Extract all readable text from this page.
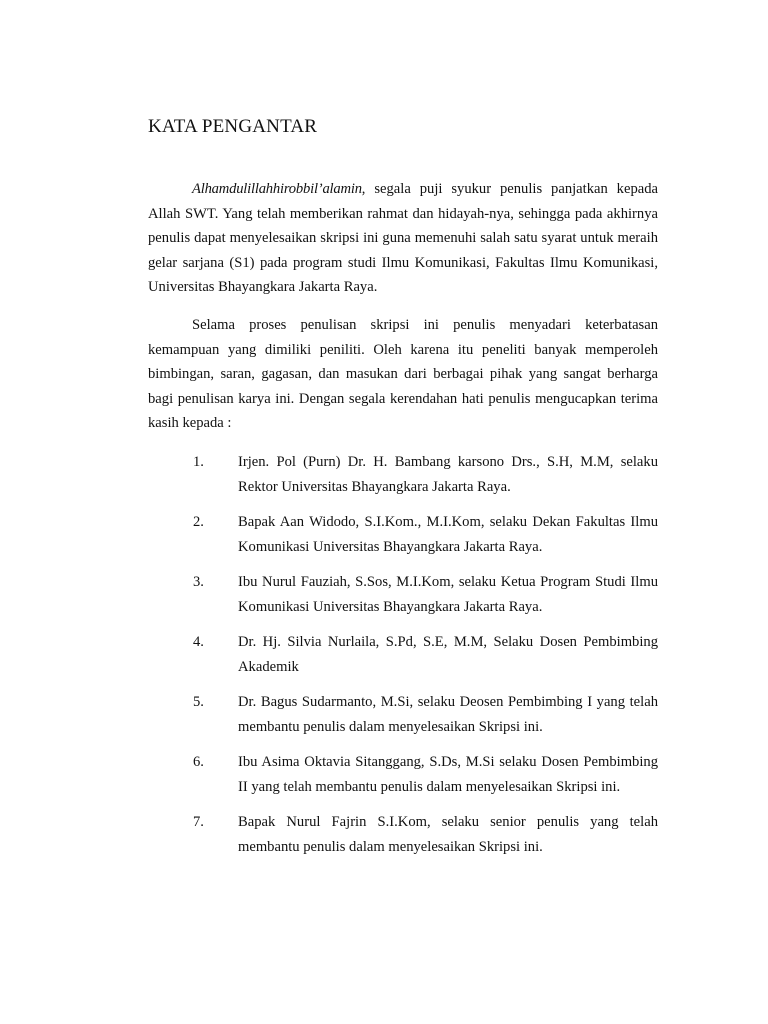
KATA PENGANTAR

Alhamdulillahhirobbil’alamin, segala puji syukur penulis panjatkan kepada Allah SWT. Yang telah memberikan rahmat dan hidayah-nya, sehingga pada akhirnya penulis dapat menyelesaikan skripsi ini guna memenuhi salah satu syarat untuk meraih gelar sarjana (S1) pada program studi Ilmu Komunikasi, Fakultas Ilmu Komunikasi, Universitas Bhayangkara Jakarta Raya.

Selama proses penulisan skripsi ini penulis menyadari keterbatasan kemampuan yang dimiliki peniliti. Oleh karena itu peneliti banyak memperoleh bimbingan, saran, gagasan, dan masukan dari berbagai pihak yang sangat berharga bagi penulisan karya ini. Dengan segala kerendahan hati penulis mengucapkan terima kasih kepada :

1. Irjen. Pol (Purn) Dr. H. Bambang karsono Drs., S.H, M.M, selaku Rektor Universitas Bhayangkara Jakarta Raya.
2. Bapak Aan Widodo, S.I.Kom., M.I.Kom, selaku Dekan Fakultas Ilmu Komunikasi Universitas Bhayangkara Jakarta Raya.
3. Ibu Nurul Fauziah, S.Sos, M.I.Kom, selaku Ketua Program Studi Ilmu Komunikasi Universitas Bhayangkara Jakarta Raya.
4. Dr. Hj. Silvia Nurlaila, S.Pd, S.E, M.M, Selaku Dosen Pembimbing Akademik
5. Dr. Bagus Sudarmanto, M.Si, selaku Deosen Pembimbing I yang telah membantu penulis dalam menyelesaikan Skripsi ini.
6. Ibu Asima Oktavia Sitanggang, S.Ds, M.Si selaku Dosen Pembimbing II yang telah membantu penulis dalam menyelesaikan Skripsi ini.
7. Bapak Nurul Fajrin S.I.Kom, selaku senior penulis yang telah membantu penulis dalam menyelesaikan Skripsi ini.
